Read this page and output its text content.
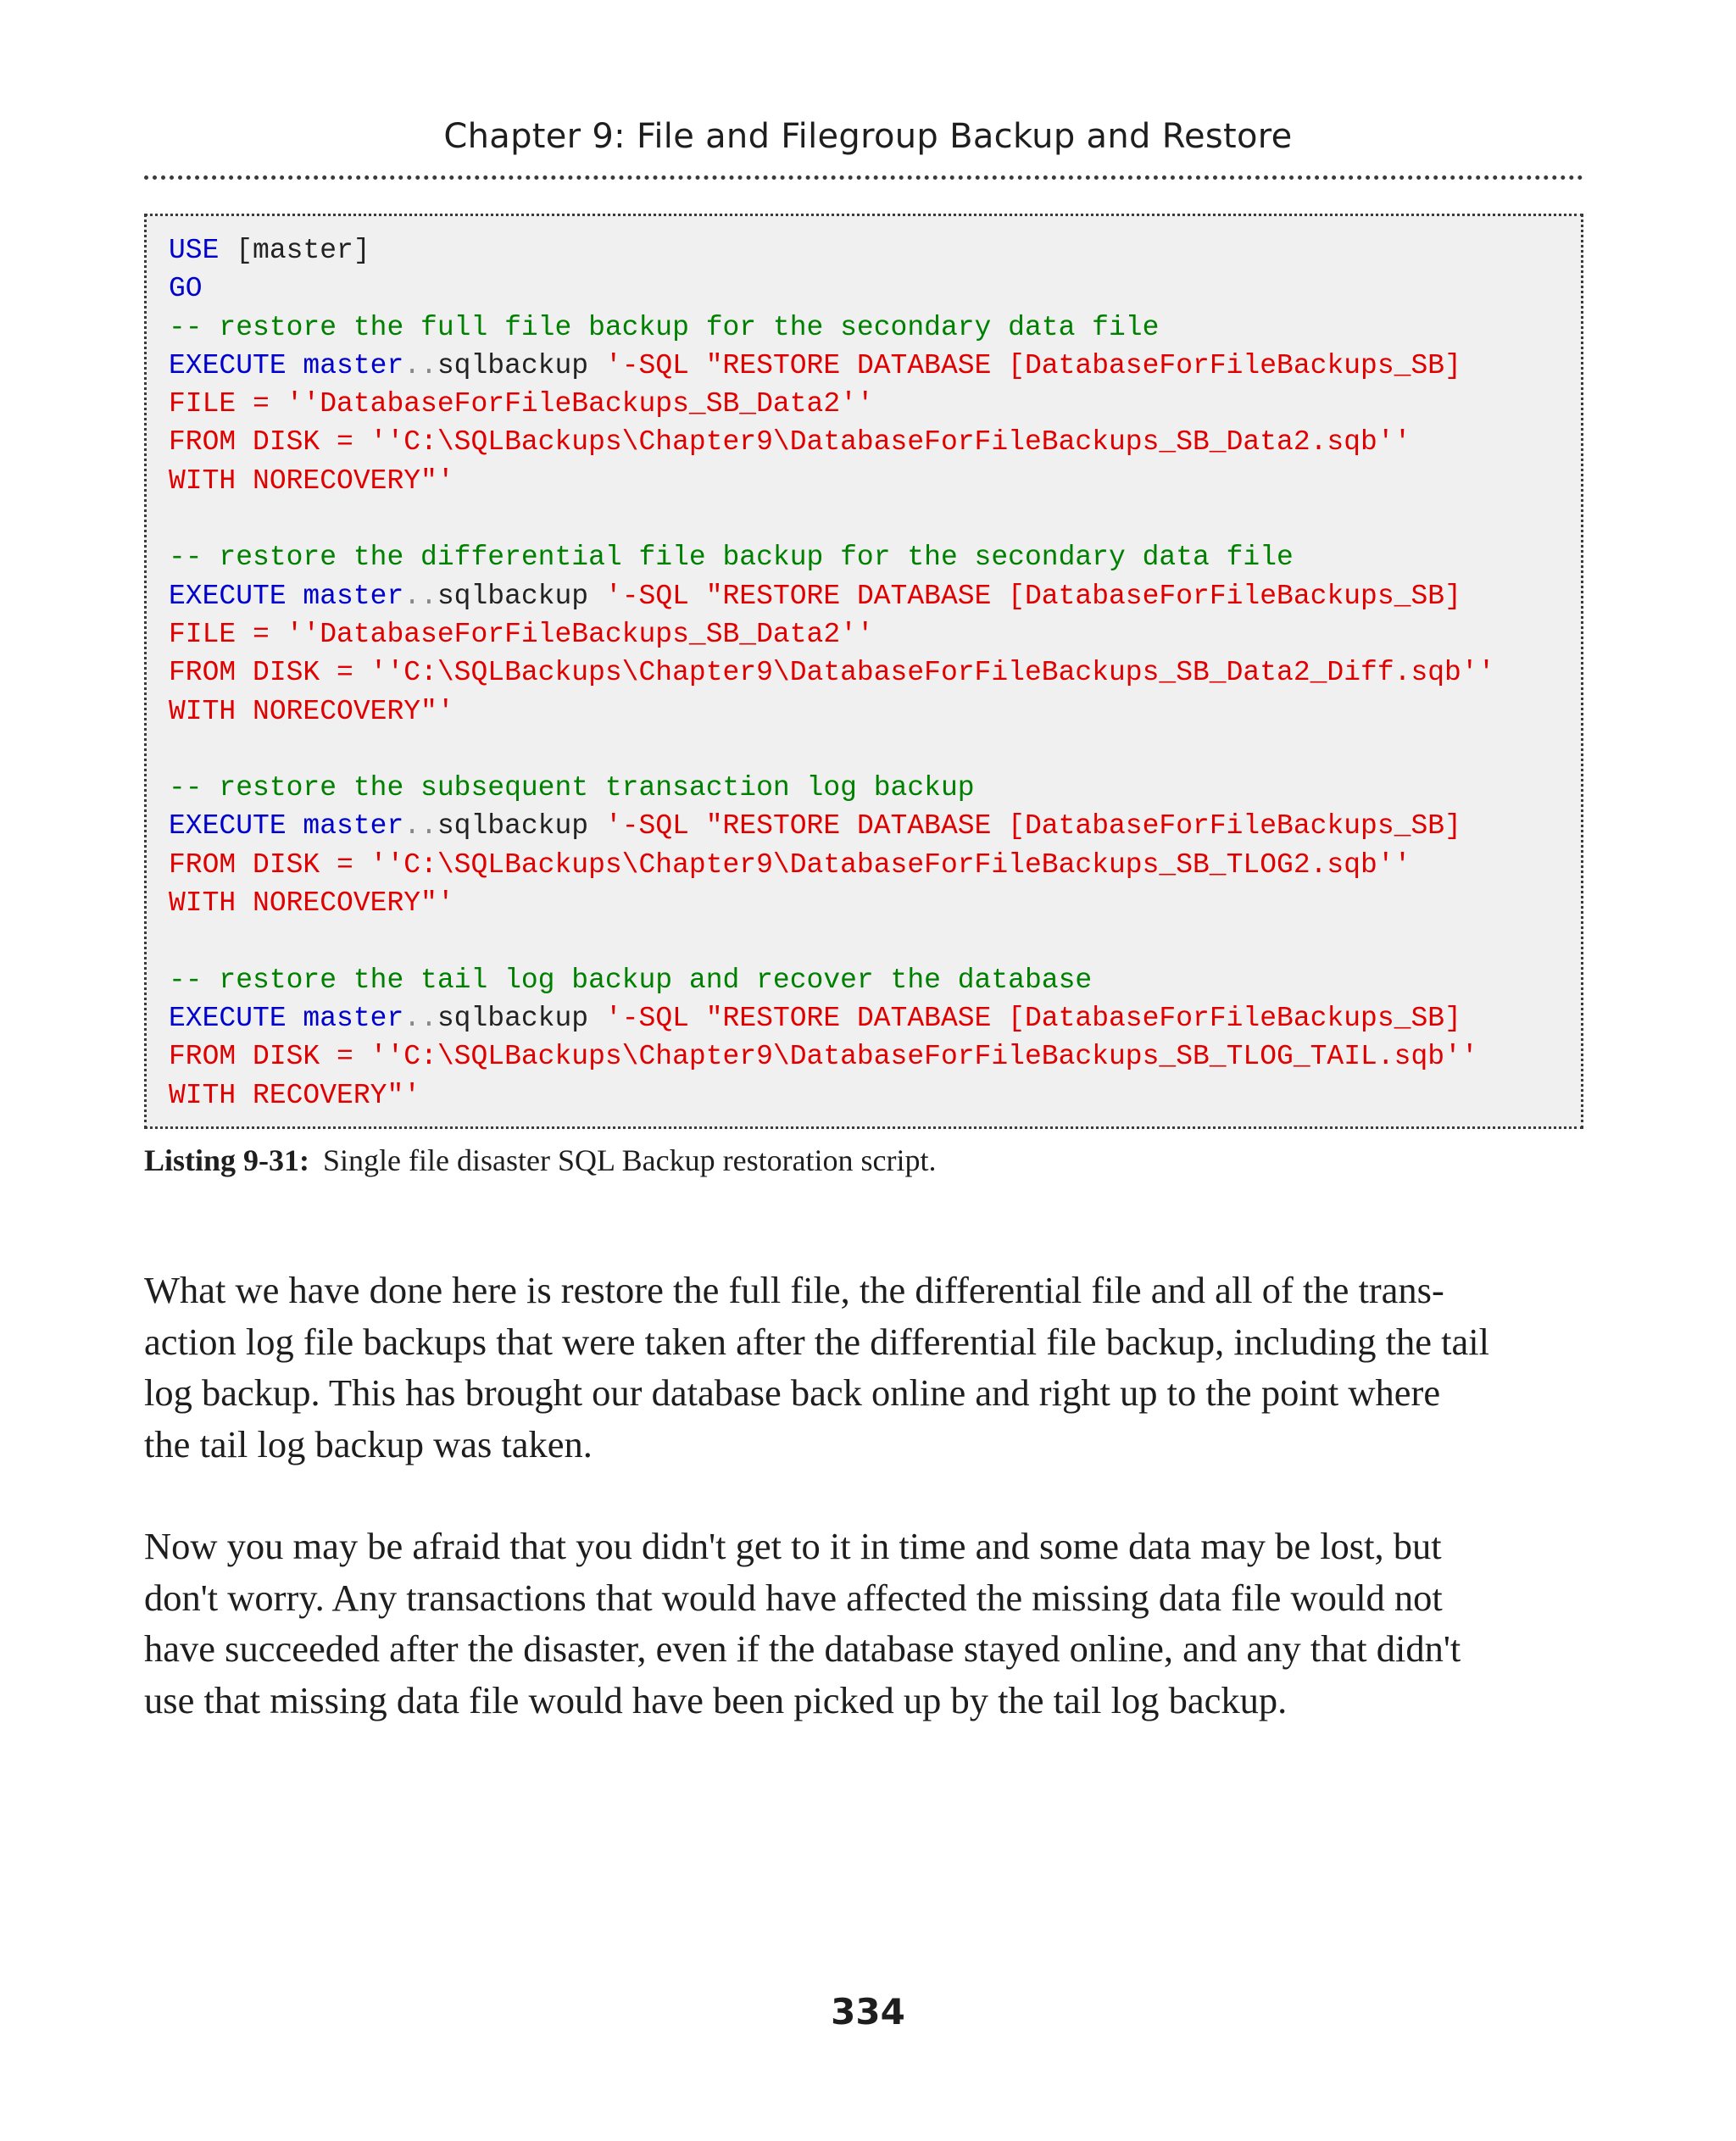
Chapter 9: File and Filegroup Backup and Restore
USE [master]
GO
-- restore the full file backup for the secondary data file
EXECUTE master..sqlbackup '-SQL "RESTORE DATABASE [DatabaseForFileBackups_SB]
FILE = ''DatabaseForFileBackups_SB_Data2''
FROM DISK = ''C:\SQLBackups\Chapter9\DatabaseForFileBackups_SB_Data2.sqb''
WITH NORECOVERY"'
-- restore the differential file backup for the secondary data file
EXECUTE master..sqlbackup '-SQL "RESTORE DATABASE [DatabaseForFileBackups_SB]
FILE = ''DatabaseForFileBackups_SB_Data2''
FROM DISK = ''C:\SQLBackups\Chapter9\DatabaseForFileBackups_SB_Data2_Diff.sqb''
WITH NORECOVERY"'
-- restore the subsequent transaction log backup
EXECUTE master..sqlbackup '-SQL "RESTORE DATABASE [DatabaseForFileBackups_SB]
FROM DISK = ''C:\SQLBackups\Chapter9\DatabaseForFileBackups_SB_TLOG2.sqb''
WITH NORECOVERY"'
-- restore the tail log backup and recover the database
EXECUTE master..sqlbackup '-SQL "RESTORE DATABASE [DatabaseForFileBackups_SB]
FROM DISK = ''C:\SQLBackups\Chapter9\DatabaseForFileBackups_SB_TLOG_TAIL.sqb''
WITH RECOVERY"'
Listing 9-31: Single file disaster SQL Backup restoration script.

What we have done here is restore the full file, the differential file and all of the trans-
action log file backups that were taken after the differential file backup, including the tail
log backup. This has brought our database back online and right up to the point where
the tail log backup was taken.

Now you may be afraid that you didn't get to it in time and some data may be lost, but
don't worry. Any transactions that would have affected the missing data file would not
have succeeded after the disaster, even if the database stayed online, and any that didn't
use that missing data file would have been picked up by the tail log backup.

334
